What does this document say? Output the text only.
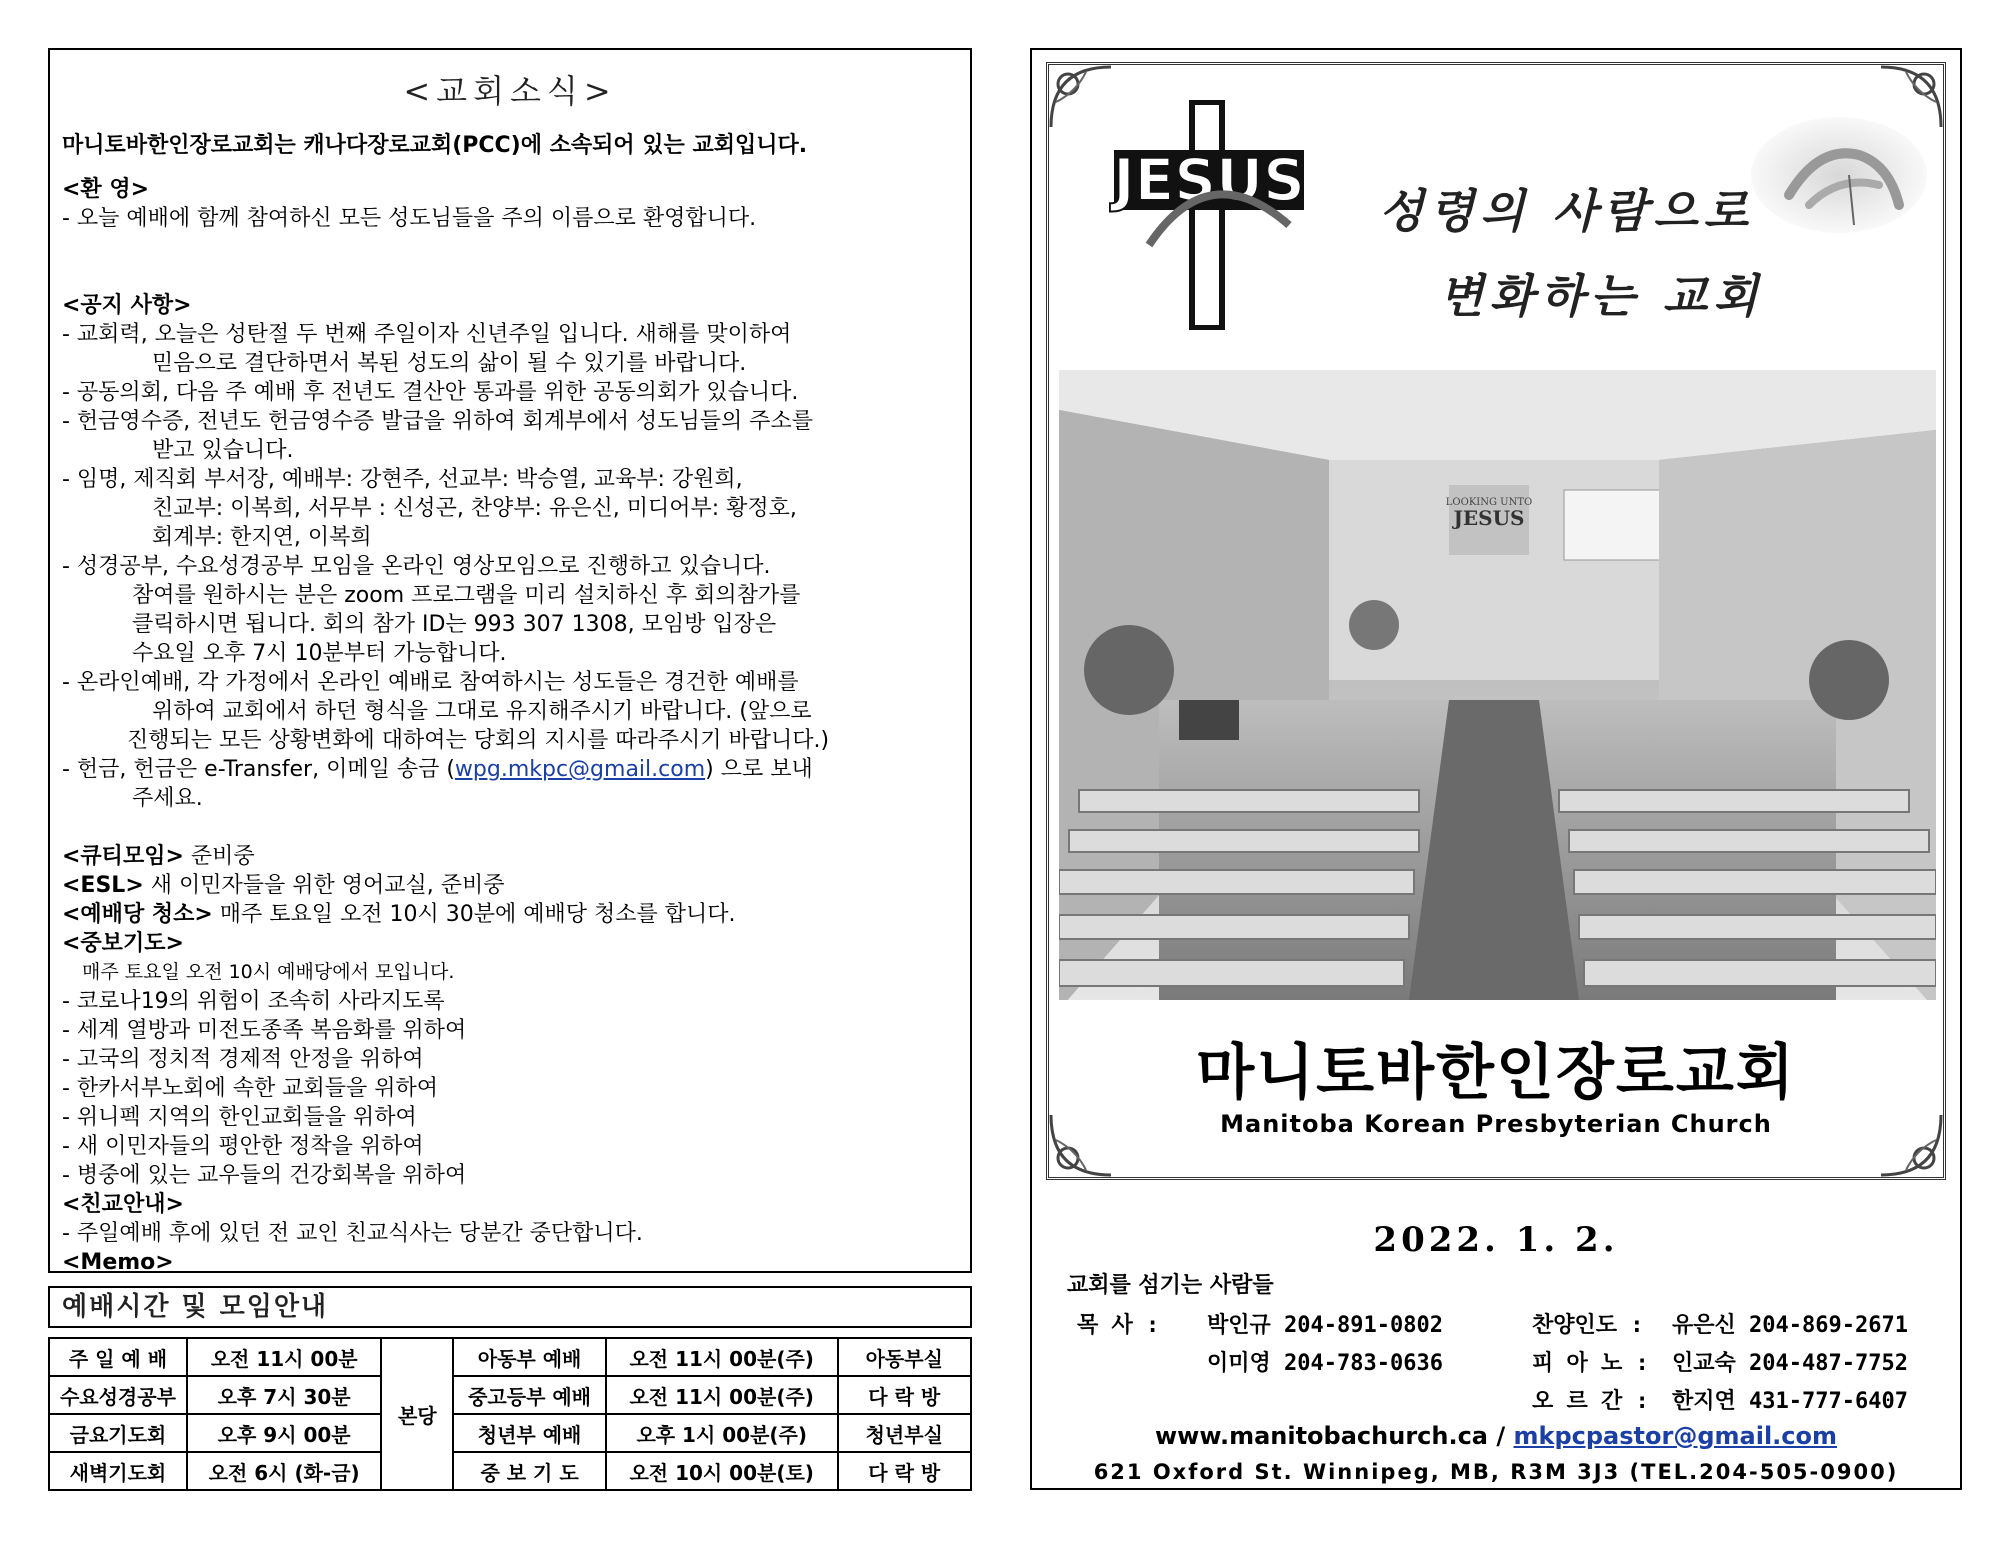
<교회소식>
마니토바한인장로교회는 캐나다장로교회(PCC)에 소속되어 있는 교회입니다.
<환 영>
- 오늘 예배에 함께 참여하신 모든 성도님들을 주의 이름으로 환영합니다.
<공지 사항>
- 교회력, 오늘은 성탄절 두 번째 주일이자 신년주일 입니다. 새해를 맞이하여
믿음으로 결단하면서 복된 성도의 삶이 될 수 있기를 바랍니다.
- 공동의회, 다음 주 예배 후 전년도 결산안 통과를 위한 공동의회가 있습니다.
- 헌금영수증, 전년도 헌금영수증 발급을 위하여 회계부에서 성도님들의 주소를
받고 있습니다.
- 임명, 제직회 부서장, 예배부: 강현주, 선교부: 박승열, 교육부: 강원희,
친교부: 이복희, 서무부 : 신성곤, 찬양부: 유은신, 미디어부: 황정호,
회계부: 한지연, 이복희
- 성경공부, 수요성경공부 모임을 온라인 영상모임으로 진행하고 있습니다.
참여를 원하시는 분은 zoom 프로그램을 미리 설치하신 후 회의참가를
클릭하시면 됩니다. 회의 참가 ID는 993 307 1308, 모임방 입장은
수요일 오후 7시 10분부터 가능합니다.
- 온라인예배, 각 가정에서 온라인 예배로 참여하시는 성도들은 경건한 예배를
위하여 교회에서 하던 형식을 그대로 유지해주시기 바랍니다. (앞으로
진행되는 모든 상황변화에 대하여는 당회의 지시를 따라주시기 바랍니다.)
- 헌금, 헌금은 e-Transfer, 이메일 송금 (wpg.mkpc@gmail.com) 으로 보내
주세요.
<큐티모임> 준비중
<ESL> 새 이민자들을 위한 영어교실, 준비중
<예배당 청소> 매주 토요일 오전 10시 30분에 예배당 청소를 합니다.
<중보기도>
매주 토요일 오전 10시 예배당에서 모입니다.
- 코로나19의 위험이 조속히 사라지도록
- 세계 열방과 미전도종족 복음화를 위하여
- 고국의 정치적 경제적 안정을 위하여
- 한카서부노회에 속한 교회들을 위하여
- 위니펙 지역의 한인교회들을 위하여
- 새 이민자들의 평안한 정착을 위하여
- 병중에 있는 교우들의 건강회복을 위하여
<친교안내>
- 주일예배 후에 있던 전 교인 친교식사는 당분간 중단합니다.
<Memo>
예배시간 및 모임안내
주 일 예 배	오전 11시 00분	본당	아동부 예배	오전 11시 00분(주)	아동부실
수요성경공부	오후 7시 30분		중고등부 예배	오전 11시 00분(주)	다 락 방
금요기도회	오후 9시 00분		청년부 예배	오후 1시 00분(주)	청년부실
새벽기도회	오전 6시 (화-금)		중 보 기 도	오전 10시 00분(토)	다 락 방
JESUS 성령의 사람으로
변화하는 교회
LOOKING UNTO
JESUS
마니토바한인장로교회
Manitoba Korean Presbyterian Church
2022. 1. 2.
교회를 섬기는 사람들
목 사 : 박인규 204-891-0802
이미영 204-783-0636
찬양인도 : 유은신 204-869-2671
피 아 노 : 인교숙 204-487-7752
오 르 간 : 한지연 431-777-6407
www.manitobachurch.ca / mkpcpastor@gmail.com
621 Oxford St. Winnipeg, MB, R3M 3J3 (TEL.204-505-0900)
